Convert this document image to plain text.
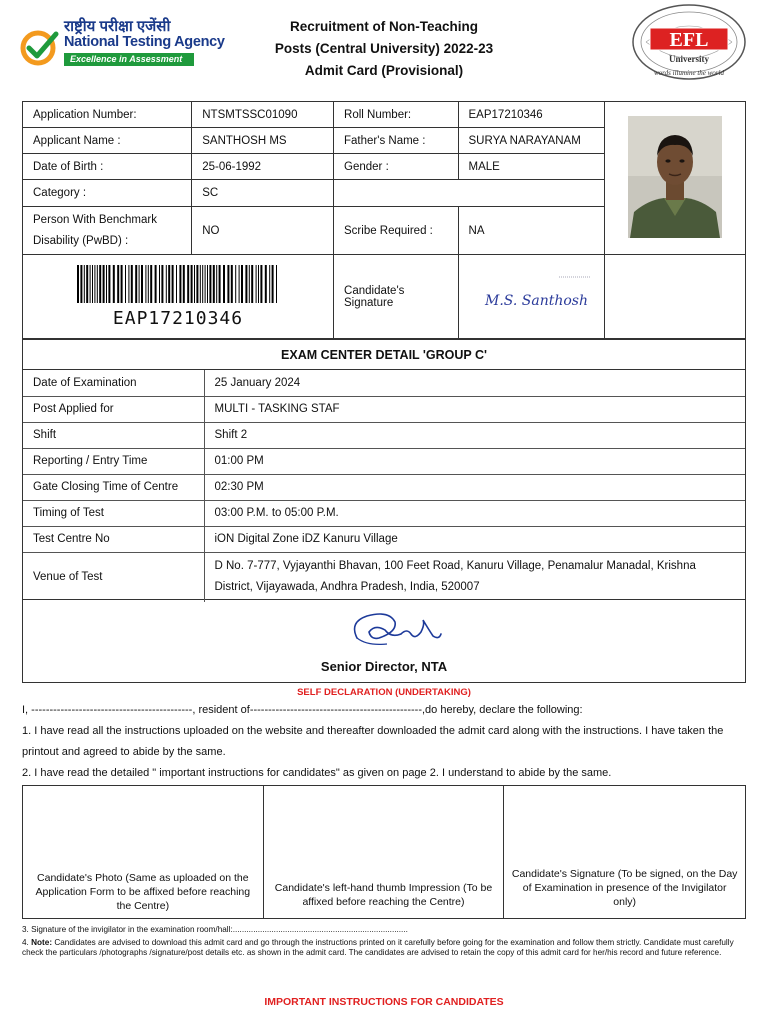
राष्ट्रीय परीक्षा एजेंसी
National Testing Agency
Excellence in Assessment
Recruitment of Non-Teaching
Posts (Central University) 2022-23
Admit Card (Provisional)
EFL
University
words illumine the world
Application Number:	NTSMTSSC01090	Roll Number:	EAP17210346	
Applicant Name :	SANTHOSH MS	Father's Name :	SURYA NARAYANAM	
Date of Birth :	25-06-1992	Gender :	MALE	
Category :	SC			
Person With Benchmark Disability (PwBD) :	NO	Scribe Required :	NA	

EAP17210346		Candidate's Signature	M.S. Santhosh	

EXAM CENTER DETAIL 'GROUP C'
Date of Examination	25 January 2024
Post Applied for	MULTI - TASKING STAF
Shift	Shift 2
Reporting / Entry Time	01:00 PM
Gate Closing Time of Centre	02:30 PM
Timing of Test	03:00 P.M. to 05:00 P.M.
Test Centre No	iON Digital Zone iDZ Kanuru Village
Venue of Test	D No. 7-777, Vyjayanthi Bhavan, 100 Feet Road, Kanuru Village, Penamalur Manadal, Krishna District, Vijayawada, Andhra Pradesh, India, 520007
Senior Director, NTA
SELF DECLARATION (UNDERTAKING)
I, --------------------------------------------, resident of-----------------------------------------------,do hereby, declare the following:
1. I have read all the instructions uploaded on the website and thereafter downloaded the admit card along with the instructions. I have taken the printout and agreed to abide by the same.
2. I have read the detailed " important instructions for candidates" as given on page 2. I understand to abide by the same.
Candidate's Photo (Same as uploaded on the Application Form to be affixed before reaching the Centre)	Candidate's left-hand thumb Impression (To be affixed before reaching the Centre)	Candidate's Signature (To be signed, on the Day of Examination in presence of the Invigilator only)
3. Signature of the invigilator in the examination room/hall:.............................................................................
4. Note: Candidates are advised to download this admit card and go through the instructions printed on it carefully before going for the examination and follow them strictly. Candidate must carefully check the particulars /photographs /signature/post details etc. as shown in the admit card. The candidates are advised to retain the copy of this admit card for her/his record and future reference.
IMPORTANT INSTRUCTIONS FOR CANDIDATES
